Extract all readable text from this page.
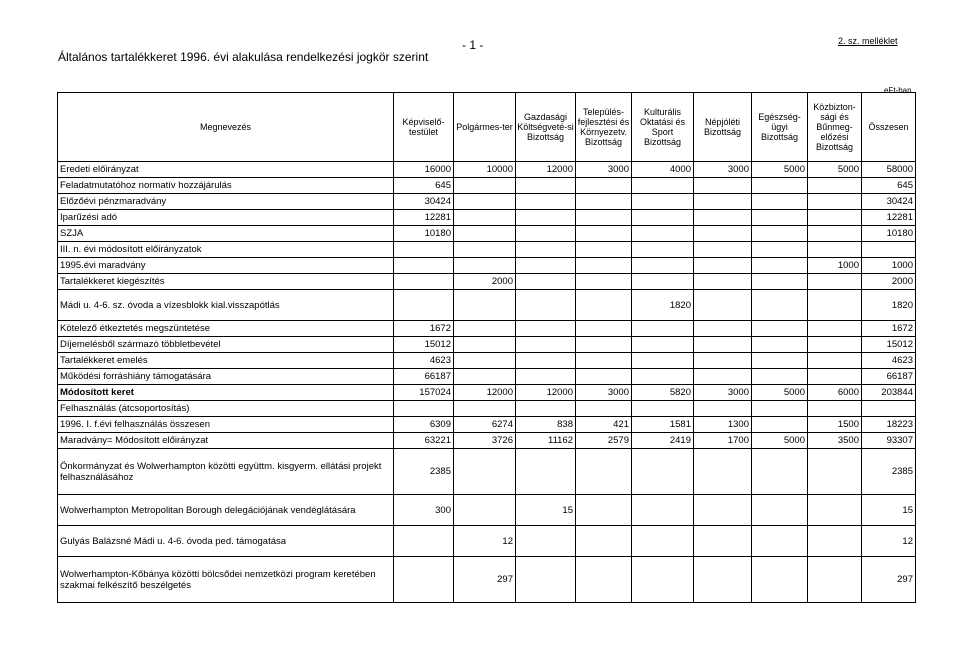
- 1 -
Általános tartalékkeret 1996. évi alakulása rendelkezési jogkör szerint
2. sz. melléklet
eFt-ban
Megnevezés	Képviselő-testület	Polgármes-ter	Gazdasági Költségveté-si Bizottság	Település-fejlesztési és Környezetv. Bizottság	Kulturális Oktatási és Sport Bizottság	Népjóléti Bizottság	Egészség-ügyi Bizottság	Közbizton-sági és Bűnmeg-előzési Bizottság	Összesen
Eredeti előirányzat	16000	10000	12000	3000	4000	3000	5000	5000	58000
Feladatmutatóhoz normatív hozzájárulás	645								645
Előzőévi pénzmaradvány	30424								30424
Iparűzési adó	12281								12281
SZJA	10180								10180
III. n. évi módosított előirányzatok									
1995.évi maradvány								1000	1000
Tartalékkeret kiegészítés		2000							2000
Mádi u. 4-6. sz. óvoda a vízesblokk kial.visszapótlás					1820				1820
Kötelező étkeztetés megszüntetése	1672								1672
Díjemelésből származó többletbevétel	15012								15012
Tartalékkeret emelés	4623								4623
Működési forráshiány támogatására	66187								66187
Módosított keret	157024	12000	12000	3000	5820	3000	5000	6000	203844
Felhasználás (átcsoportosítás)									
1996. I. f.évi felhasználás összesen	6309	6274	838	421	1581	1300		1500	18223
Maradvány= Módosított előirányzat	63221	3726	11162	2579	2419	1700	5000	3500	93307
Önkormányzat és Wolwerhampton közötti együttm. kisgyerm. ellátási projekt felhasználásához	2385								2385
Wolwerhampton Metropolitan Borough delegációjának vendéglátására	300		15						15
Gulyás Balázsné Mádi u. 4-6. óvoda ped. támogatása		12							12
Wolwerhampton-Kőbánya közötti bölcsődei nemzetközi program keretében szakmai felkészítő beszélgetés		297							297
